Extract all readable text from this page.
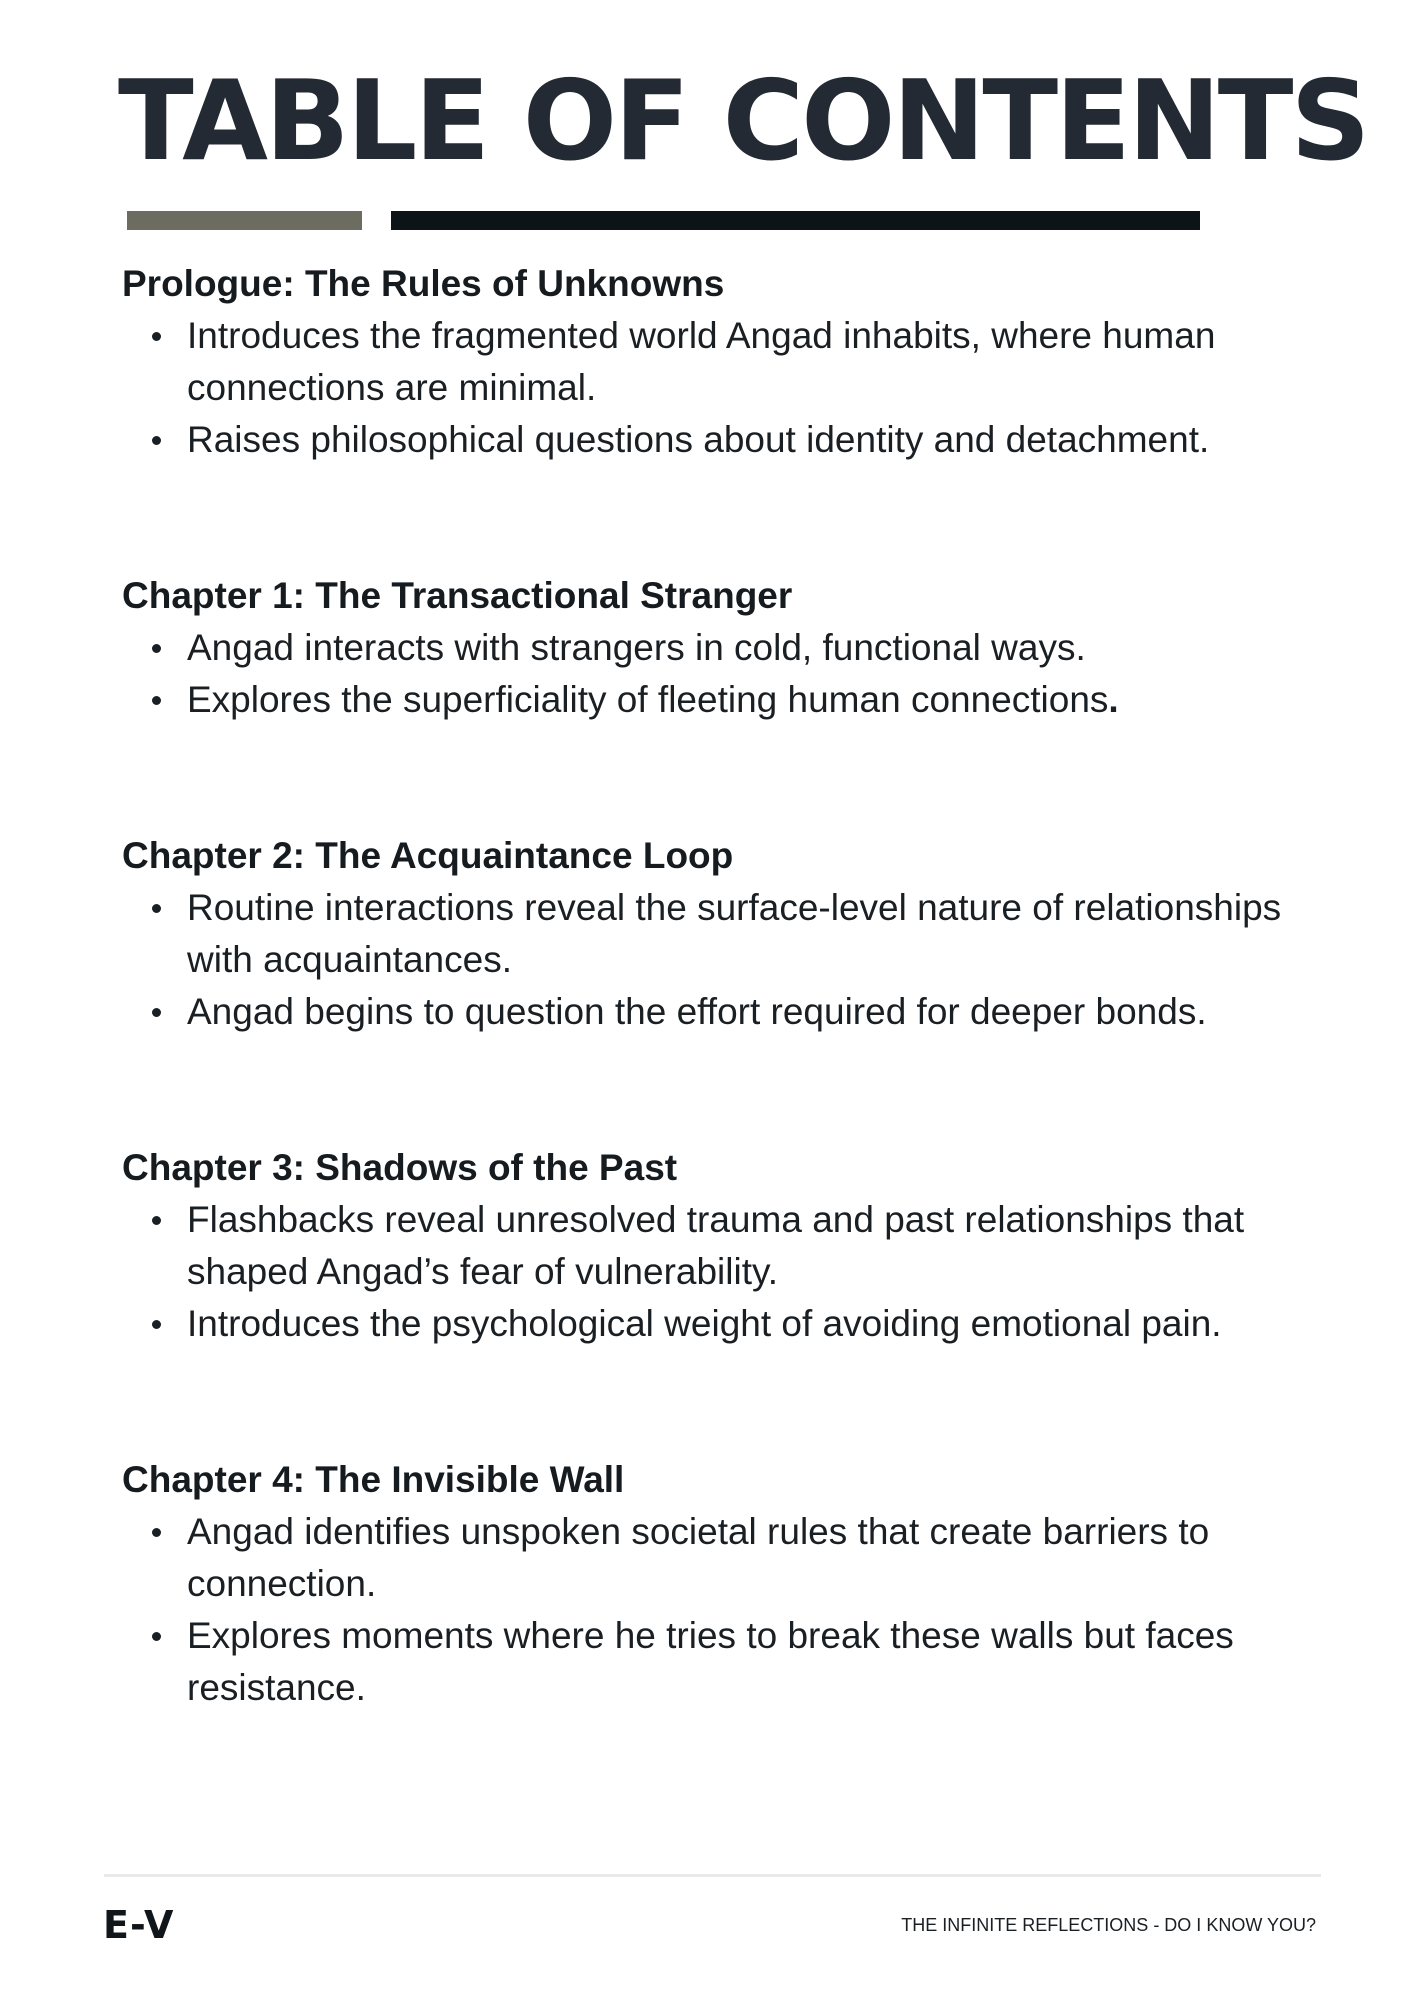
TABLE OF CONTENTS
Prologue: The Rules of Unknowns
Introduces the fragmented world Angad inhabits, where human connections are minimal.
Raises philosophical questions about identity and detachment.
Chapter 1: The Transactional Stranger
Angad interacts with strangers in cold, functional ways.
Explores the superficiality of fleeting human connections.
Chapter 2: The Acquaintance Loop
Routine interactions reveal the surface-level nature of relationships with acquaintances.
Angad begins to question the effort required for deeper bonds.
Chapter 3: Shadows of the Past
Flashbacks reveal unresolved trauma and past relationships that shaped Angad’s fear of vulnerability.
Introduces the psychological weight of avoiding emotional pain.
Chapter 4: The Invisible Wall
Angad identifies unspoken societal rules that create barriers to connection.
Explores moments where he tries to break these walls but faces resistance.
E-V	THE INFINITE REFLECTIONS - DO I KNOW YOU?
